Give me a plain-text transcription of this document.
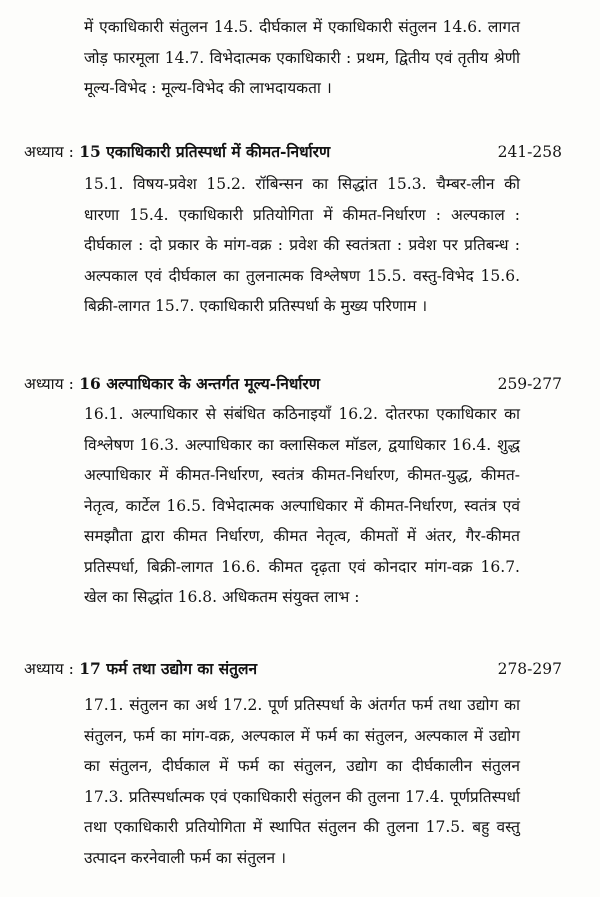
में एकाधिकारी संतुलन 14.5. दीर्घकाल में एकाधिकारी संतुलन 14.6. लागत जोड़ फारमूला 14.7. विभेदात्मक एकाधिकारी : प्रथम, द्वितीय एवं तृतीय श्रेणी मूल्य-विभेद : मूल्य-विभेद की लाभदायकता ।
अध्याय : 15 एकाधिकारी प्रतिस्पर्धा में कीमत-निर्धारण	241-258
15.1. विषय-प्रवेश 15.2. रॉबिन्सन का सिद्धांत 15.3. चैम्बर-लीन की धारणा 15.4. एकाधिकारी प्रतियोगिता में कीमत-निर्धारण : अल्पकाल : दीर्घकाल : दो प्रकार के मांग-वक्र : प्रवेश की स्वतंत्रता : प्रवेश पर प्रतिबन्ध : अल्पकाल एवं दीर्घकाल का तुलनात्मक विश्लेषण 15.5. वस्तु-विभेद 15.6. बिक्री-लागत 15.7. एकाधिकारी प्रतिस्पर्धा के मुख्य परिणाम ।
अध्याय : 16 अल्पाधिकार के अन्तर्गत मूल्य-निर्धारण	259-277
16.1. अल्पाधिकार से संबंधित कठिनाइयाँ 16.2. दोतरफा एकाधिकार का विश्लेषण 16.3. अल्पाधिकार का क्लासिकल मॉडल, द्वयाधिकार 16.4. शुद्ध अल्पाधिकार में कीमत-निर्धारण, स्वतंत्र कीमत-निर्धारण, कीमत-युद्ध, कीमत-नेतृत्व, कार्टेल 16.5. विभेदात्मक अल्पाधिकार में कीमत-निर्धारण, स्वतंत्र एवं समझौता द्वारा कीमत निर्धारण, कीमत नेतृत्व, कीमतों में अंतर, गैर-कीमत प्रतिस्पर्धा, बिक्री-लागत 16.6. कीमत दृढ़ता एवं कोनदार मांग-वक्र 16.7. खेल का सिद्धांत 16.8. अधिकतम संयुक्त लाभ :
अध्याय : 17 फर्म तथा उद्योग का संतुलन	278-297
17.1. संतुलन का अर्थ 17.2. पूर्ण प्रतिस्पर्धा के अंतर्गत फर्म तथा उद्योग का संतुलन, फर्म का मांग-वक्र, अल्पकाल में फर्म का संतुलन, अल्पकाल में उद्योग का संतुलन, दीर्घकाल में फर्म का संतुलन, उद्योग का दीर्घकालीन संतुलन 17.3. प्रतिस्पर्धात्मक एवं एकाधिकारी संतुलन की तुलना 17.4. पूर्णप्रतिस्पर्धा तथा एकाधिकारी प्रतियोगिता में स्थापित संतुलन की तुलना 17.5. बहु वस्तु उत्पादन करनेवाली फर्म का संतुलन ।
